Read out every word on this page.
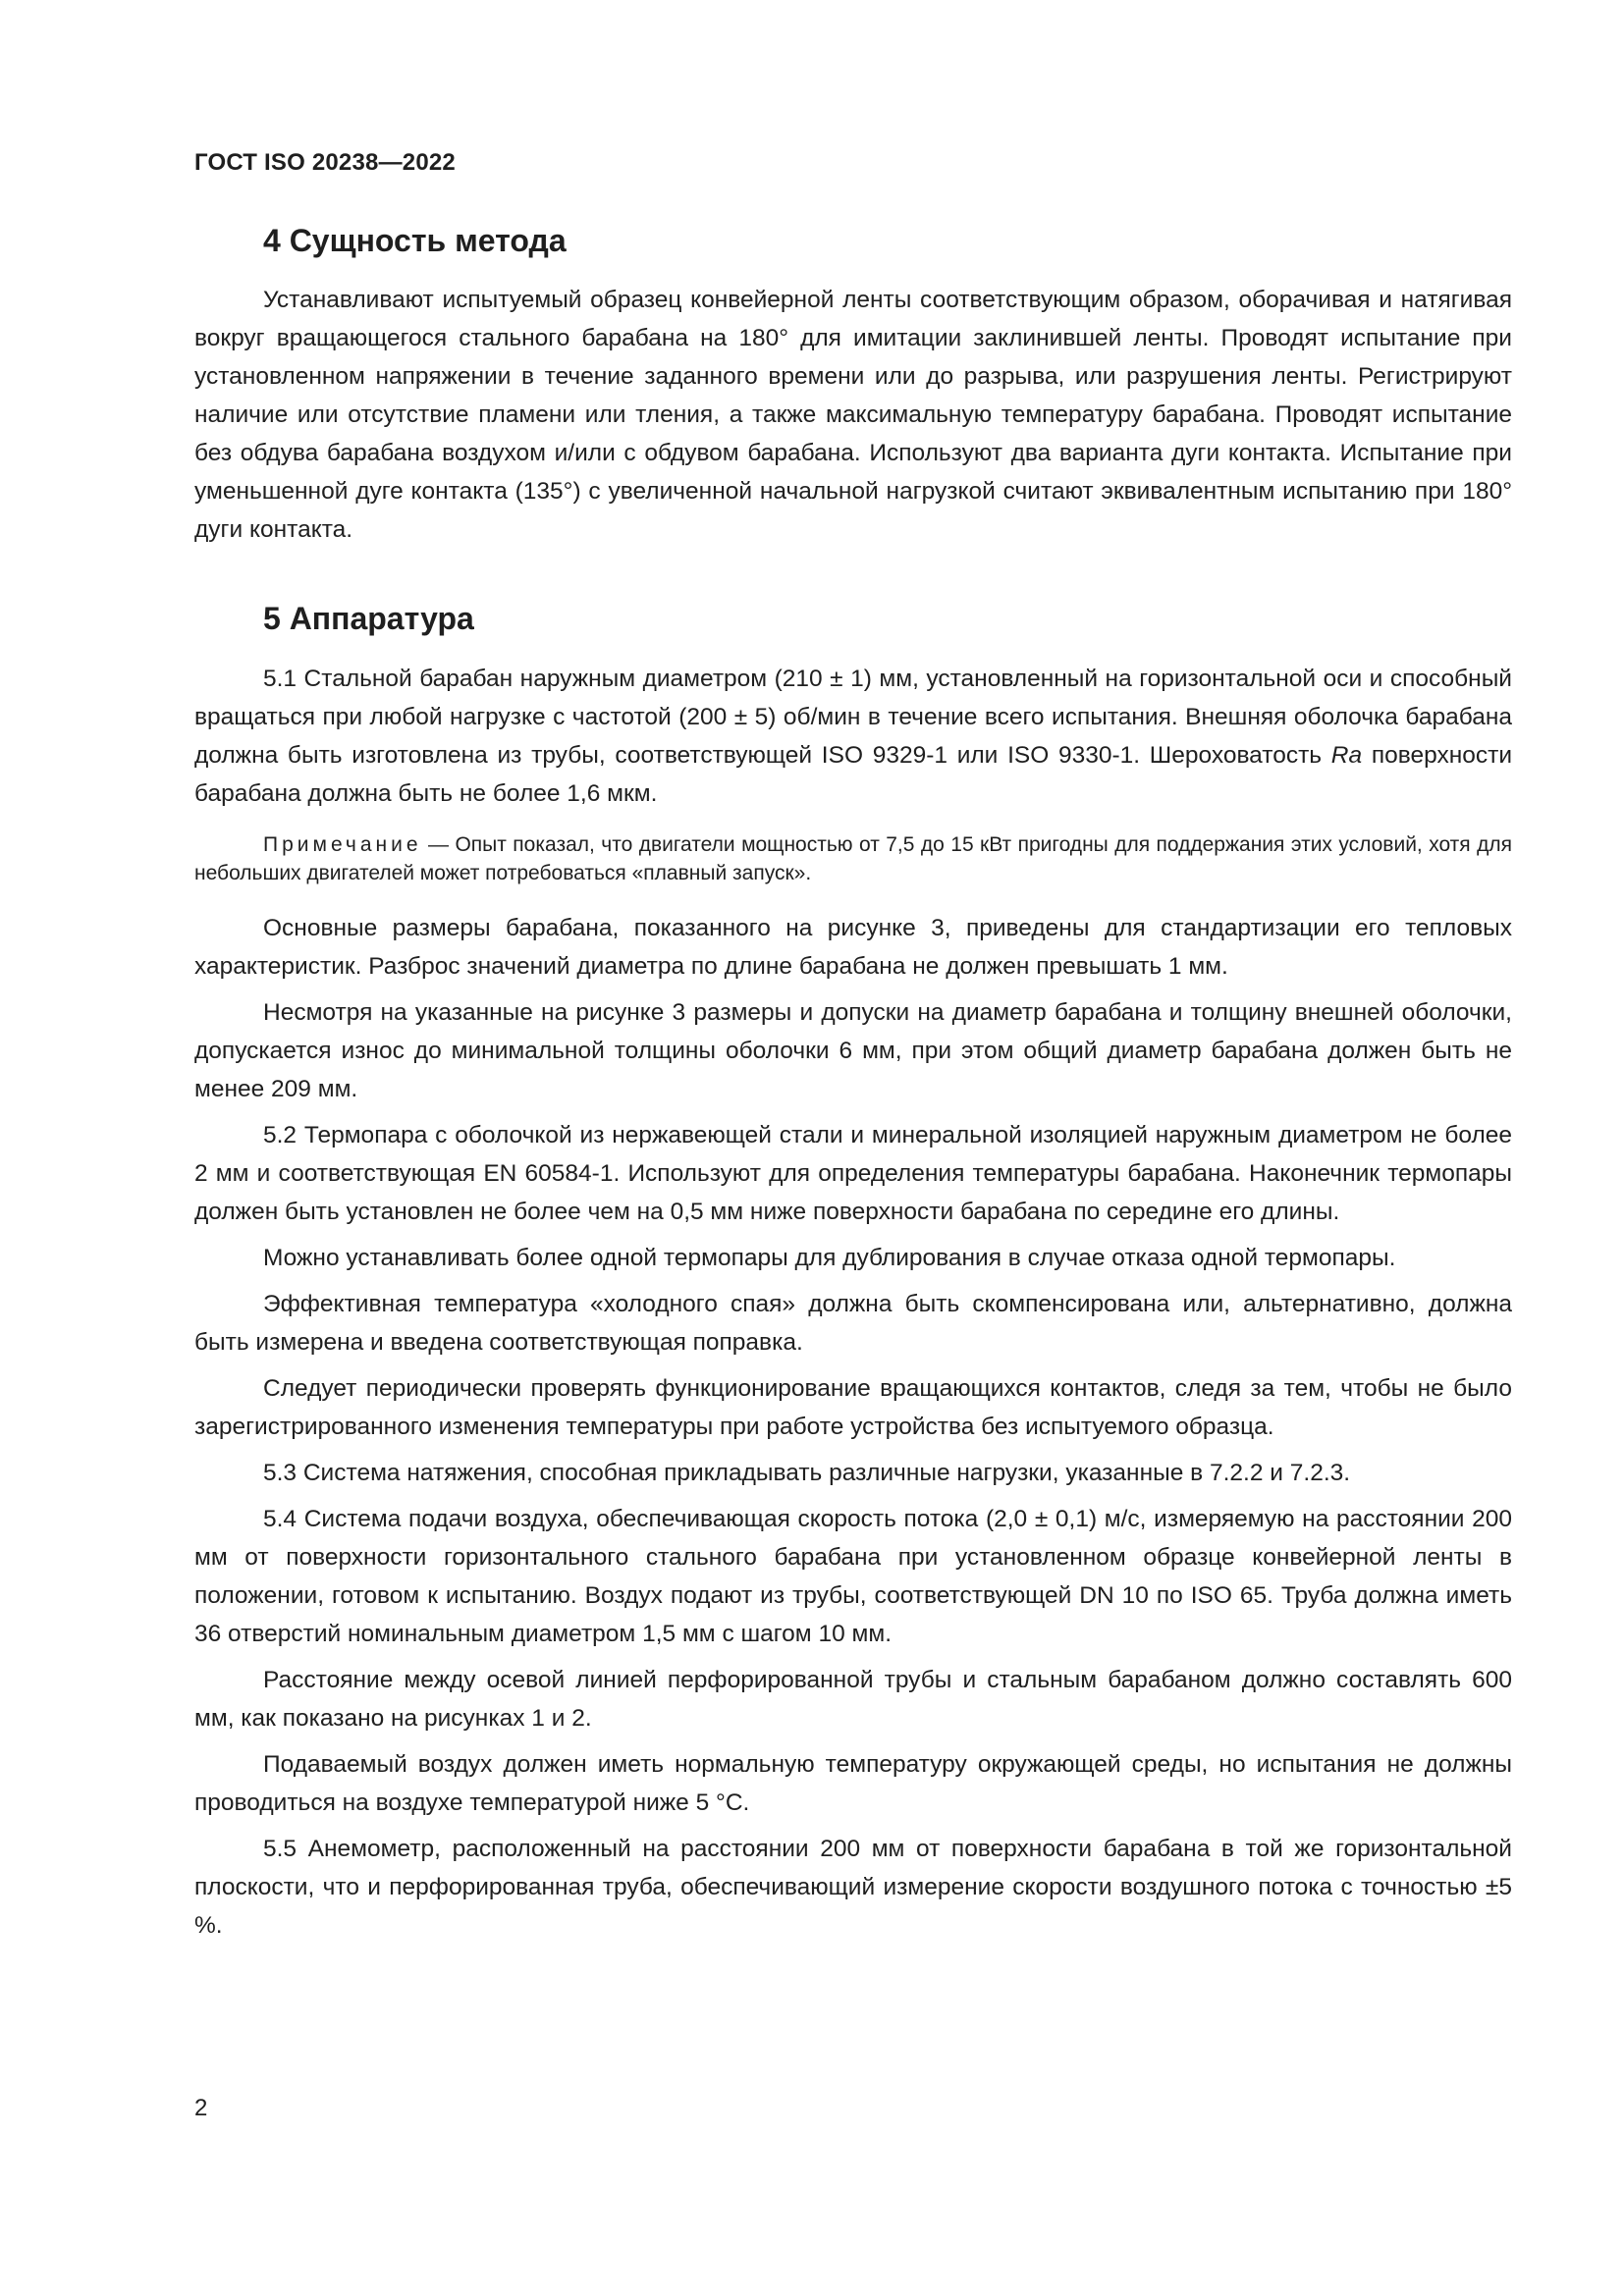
ГОСТ ISO 20238—2022
4 Сущность метода

Устанавливают испытуемый образец конвейерной ленты соответствующим образом, оборачивая и натягивая вокруг вращающегося стального барабана на 180° для имитации заклинившей ленты. Проводят испытание при установленном напряжении в течение заданного времени или до разрыва, или разрушения ленты. Регистрируют наличие или отсутствие пламени или тления, а также максимальную температуру барабана. Проводят испытание без обдува барабана воздухом и/или с обдувом барабана. Используют два варианта дуги контакта. Испытание при уменьшенной дуге контакта (135°) с увеличенной начальной нагрузкой считают эквивалентным испытанию при 180° дуги контакта.

5 Аппаратура

5.1 Стальной барабан наружным диаметром (210 ± 1) мм, установленный на горизонтальной оси и способный вращаться при любой нагрузке с частотой (200 ± 5) об/мин в течение всего испытания. Внешняя оболочка барабана должна быть изготовлена из трубы, соответствующей ISO 9329-1 или ISO 9330-1. Шероховатость Ra поверхности барабана должна быть не более 1,6 мкм.

Примечание — Опыт показал, что двигатели мощностью от 7,5 до 15 кВт пригодны для поддержания этих условий, хотя для небольших двигателей может потребоваться «плавный запуск».

Основные размеры барабана, показанного на рисунке 3, приведены для стандартизации его тепловых характеристик. Разброс значений диаметра по длине барабана не должен превышать 1 мм.

Несмотря на указанные на рисунке 3 размеры и допуски на диаметр барабана и толщину внешней оболочки, допускается износ до минимальной толщины оболочки 6 мм, при этом общий диаметр барабана должен быть не менее 209 мм.

5.2 Термопара с оболочкой из нержавеющей стали и минеральной изоляцией наружным диаметром не более 2 мм и соответствующая EN 60584-1. Используют для определения температуры барабана. Наконечник термопары должен быть установлен не более чем на 0,5 мм ниже поверхности барабана по середине его длины.

Можно устанавливать более одной термопары для дублирования в случае отказа одной термопары.

Эффективная температура «холодного спая» должна быть скомпенсирована или, альтернативно, должна быть измерена и введена соответствующая поправка.

Следует периодически проверять функционирование вращающихся контактов, следя за тем, чтобы не было зарегистрированного изменения температуры при работе устройства без испытуемого образца.

5.3 Система натяжения, способная прикладывать различные нагрузки, указанные в 7.2.2 и 7.2.3.

5.4 Система подачи воздуха, обеспечивающая скорость потока (2,0 ± 0,1) м/с, измеряемую на расстоянии 200 мм от поверхности горизонтального стального барабана при установленном образце конвейерной ленты в положении, готовом к испытанию. Воздух подают из трубы, соответствующей DN 10 по ISO 65. Труба должна иметь 36 отверстий номинальным диаметром 1,5 мм с шагом 10 мм.

Расстояние между осевой линией перфорированной трубы и стальным барабаном должно составлять 600 мм, как показано на рисунках 1 и 2.

Подаваемый воздух должен иметь нормальную температуру окружающей среды, но испытания не должны проводиться на воздухе температурой ниже 5 °С.

5.5 Анемометр, расположенный на расстоянии 200 мм от поверхности барабана в той же горизонтальной плоскости, что и перфорированная труба, обеспечивающий измерение скорости воздушного потока с точностью ±5 %.

2
